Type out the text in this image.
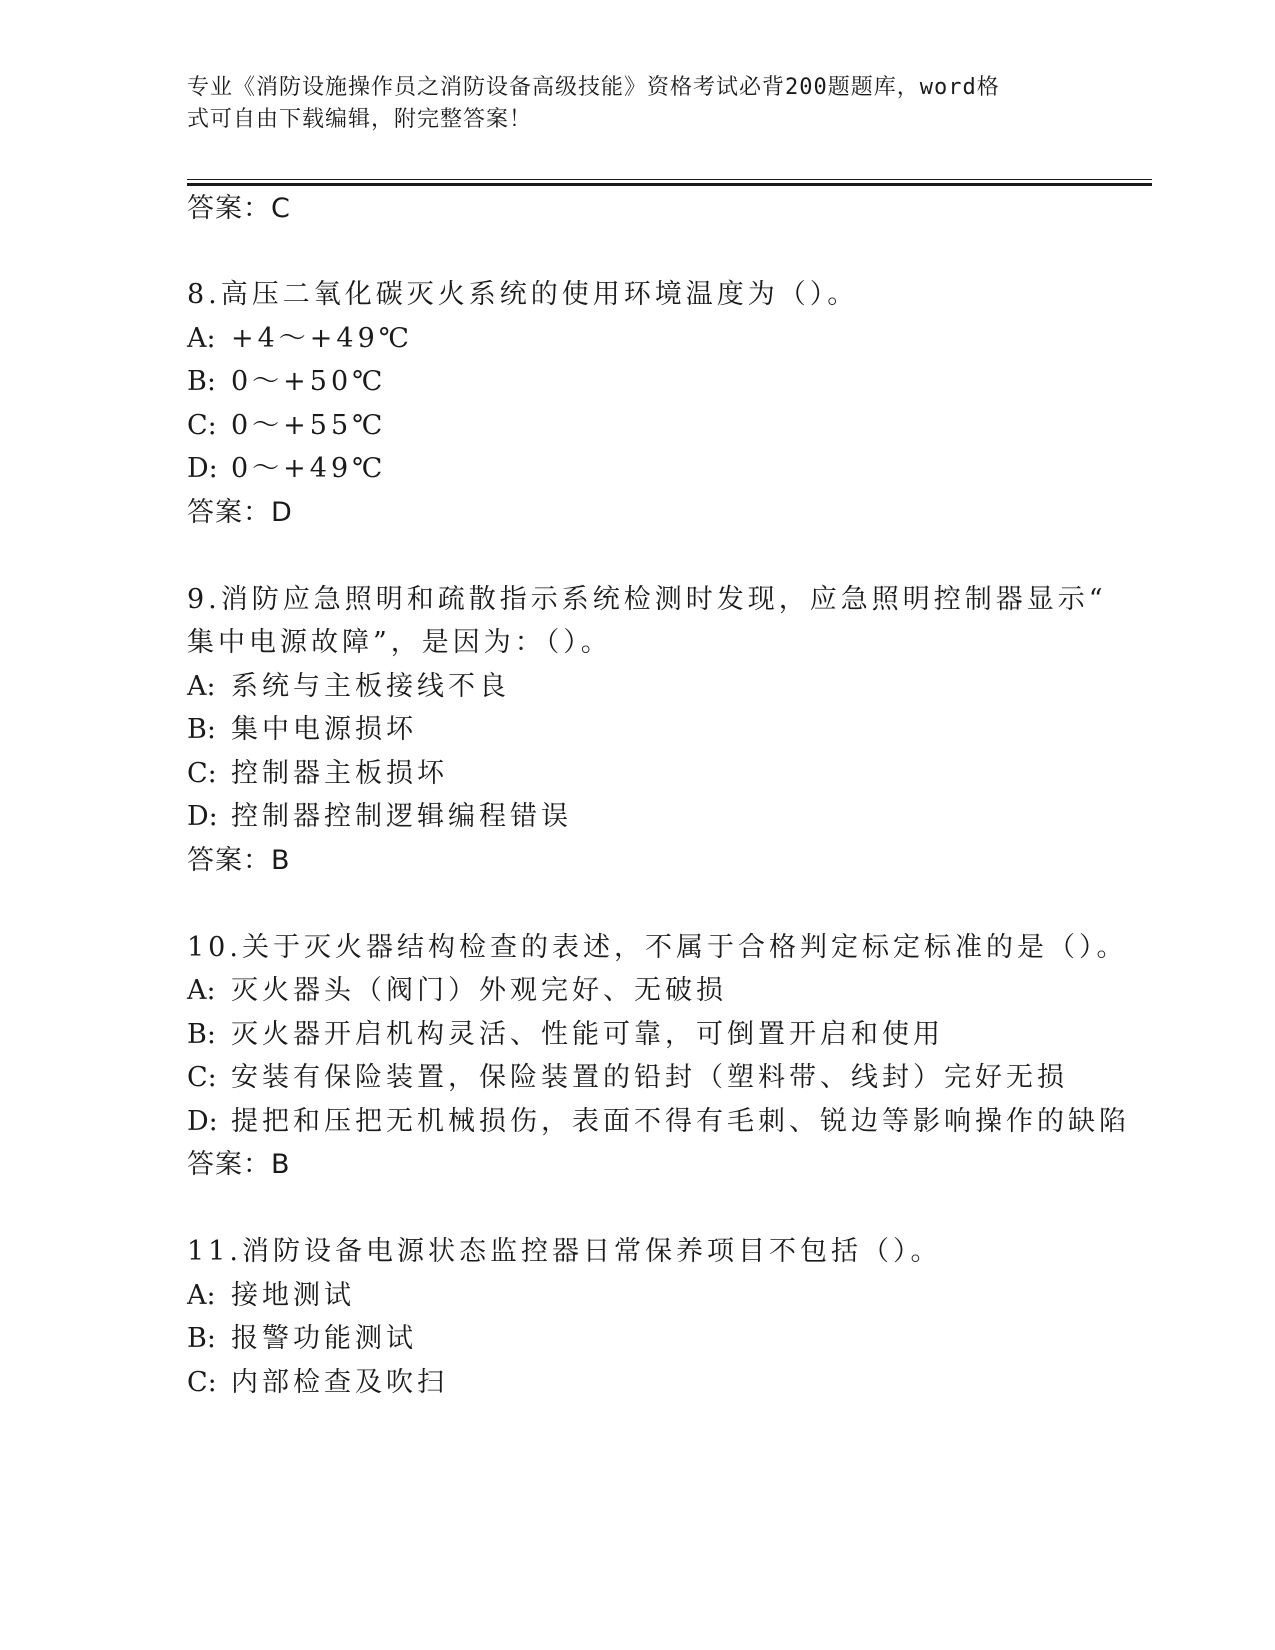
专业《消防设施操作员之消防设备高级技能》资格考试必背200题题库，word格
式可自由下载编辑，附完整答案！
答案：C
8.高压二氧化碳灭火系统的使用环境温度为（）。
A: +4～+49℃
B: 0～+50℃
C: 0～+55℃
D: 0～+49℃
答案：D
9.消防应急照明和疏散指示系统检测时发现，应急照明控制器显示“
集中电源故障”，是因为：（）。
A: 系统与主板接线不良
B: 集中电源损坏
C: 控制器主板损坏
D: 控制器控制逻辑编程错误
答案：B
10.关于灭火器结构检查的表述，不属于合格判定标定标准的是（）。
A: 灭火器头（阀门）外观完好、无破损
B: 灭火器开启机构灵活、性能可靠，可倒置开启和使用
C: 安装有保险装置，保险装置的铅封（塑料带、线封）完好无损
D: 提把和压把无机械损伤，表面不得有毛刺、锐边等影响操作的缺陷
答案：B
11.消防设备电源状态监控器日常保养项目不包括（）。
A: 接地测试
B: 报警功能测试
C: 内部检查及吹扫
